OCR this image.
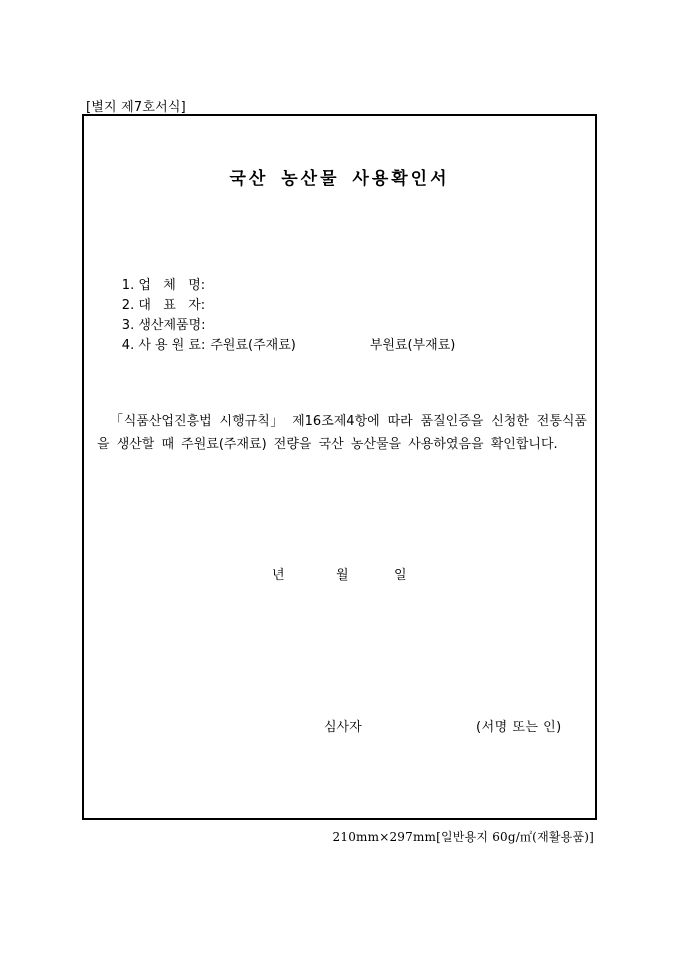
[별지 제7호서식]
국산 농산물 사용확인서

1. 업   체   명:

2. 대   표   자:

3. 생산제품명:

4. 사 용 원 료: 주원료(주재료)	부원료(부재료)

「식품산업진흥법 시행규칙」 제16조제4항에 따라 품질인증을 신청한 전통식품을 생산할 때 주원료(주재료) 전량을 국산 농산물을 사용하였음을 확인합니다.
년	월	일
심사자	(서명 또는 인)
210mm×297mm[일반용지 60g/㎡(재활용품)]
